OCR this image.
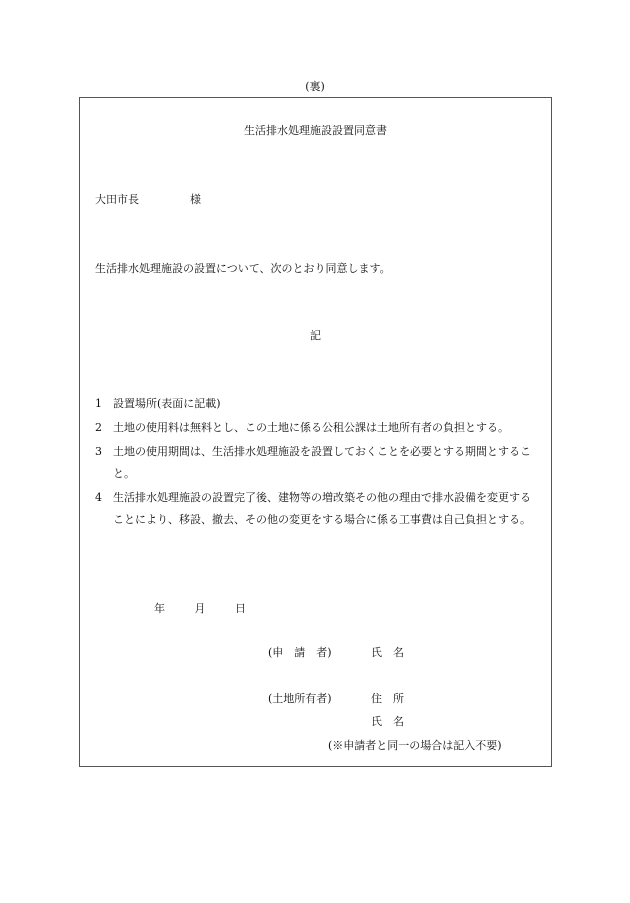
(裏)
生活排水処理施設設置同意書
大田市長	様
生活排水処理施設の設置について、次のとおり同意します。
記
1 設置場所(表面に記載)
2 土地の使用料は無料とし、この土地に係る公租公課は土地所有者の負担とする。
3 土地の使用期間は、生活排水処理施設を設置しておくことを必要とする期間とすること。
4 生活排水処理施設の設置完了後、建物等の増改築その他の理由で排水設備を変更することにより、移設、撤去、その他の変更をする場合に係る工事費は自己負担とする。
年	月	日
(申　請　者)	氏　名
(土地所有者)	住　所
氏　名
(※申請者と同一の場合は記入不要)
